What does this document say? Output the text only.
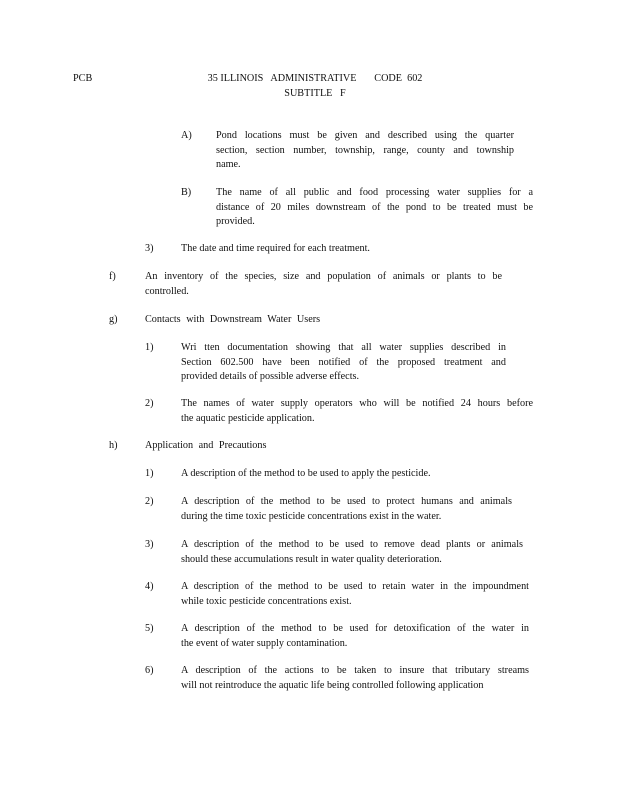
PCB	35 ILLINOIS   ADMINISTRATIVE       CODE  602
SUBTITLE   F
A) Pond locations must be given and described using the quarter
section, section number, township, range, county and township
name.
B) The name of all public and food processing water supplies for a
distance of 20 miles downstream of the pond to be treated must be
provided.
3)	The date and time required for each treatment.
f)	An inventory of the species, size and population of animals or plants to be
controlled.
g)	Contacts with Downstream Water Users
1)	Wri tten documentation showing that all water supplies described in
Section 602.500 have been notified of the proposed treatment and
provided details of possible adverse effects.
2)	The names of water supply operators who will be notified 24 hours before
the aquatic pesticide application.
h)	Application and Precautions
1)	A description of the method to be used to apply the pesticide.
2)	A description of the method to be used to protect humans and animals
during the time toxic pesticide concentrations exist in the water.
3)	A description of the method to be used to remove dead plants or animals
should these accumulations result in water quality deterioration.
4)	A description of the method to be used to retain water in the impoundment
while toxic pesticide concentrations exist.
5)	A description of the method to be used for detoxification of the water in
the event of water supply contamination.
6)	A description of the actions to be taken to insure that tributary streams
will not reintroduce the aquatic life being controlled following application
